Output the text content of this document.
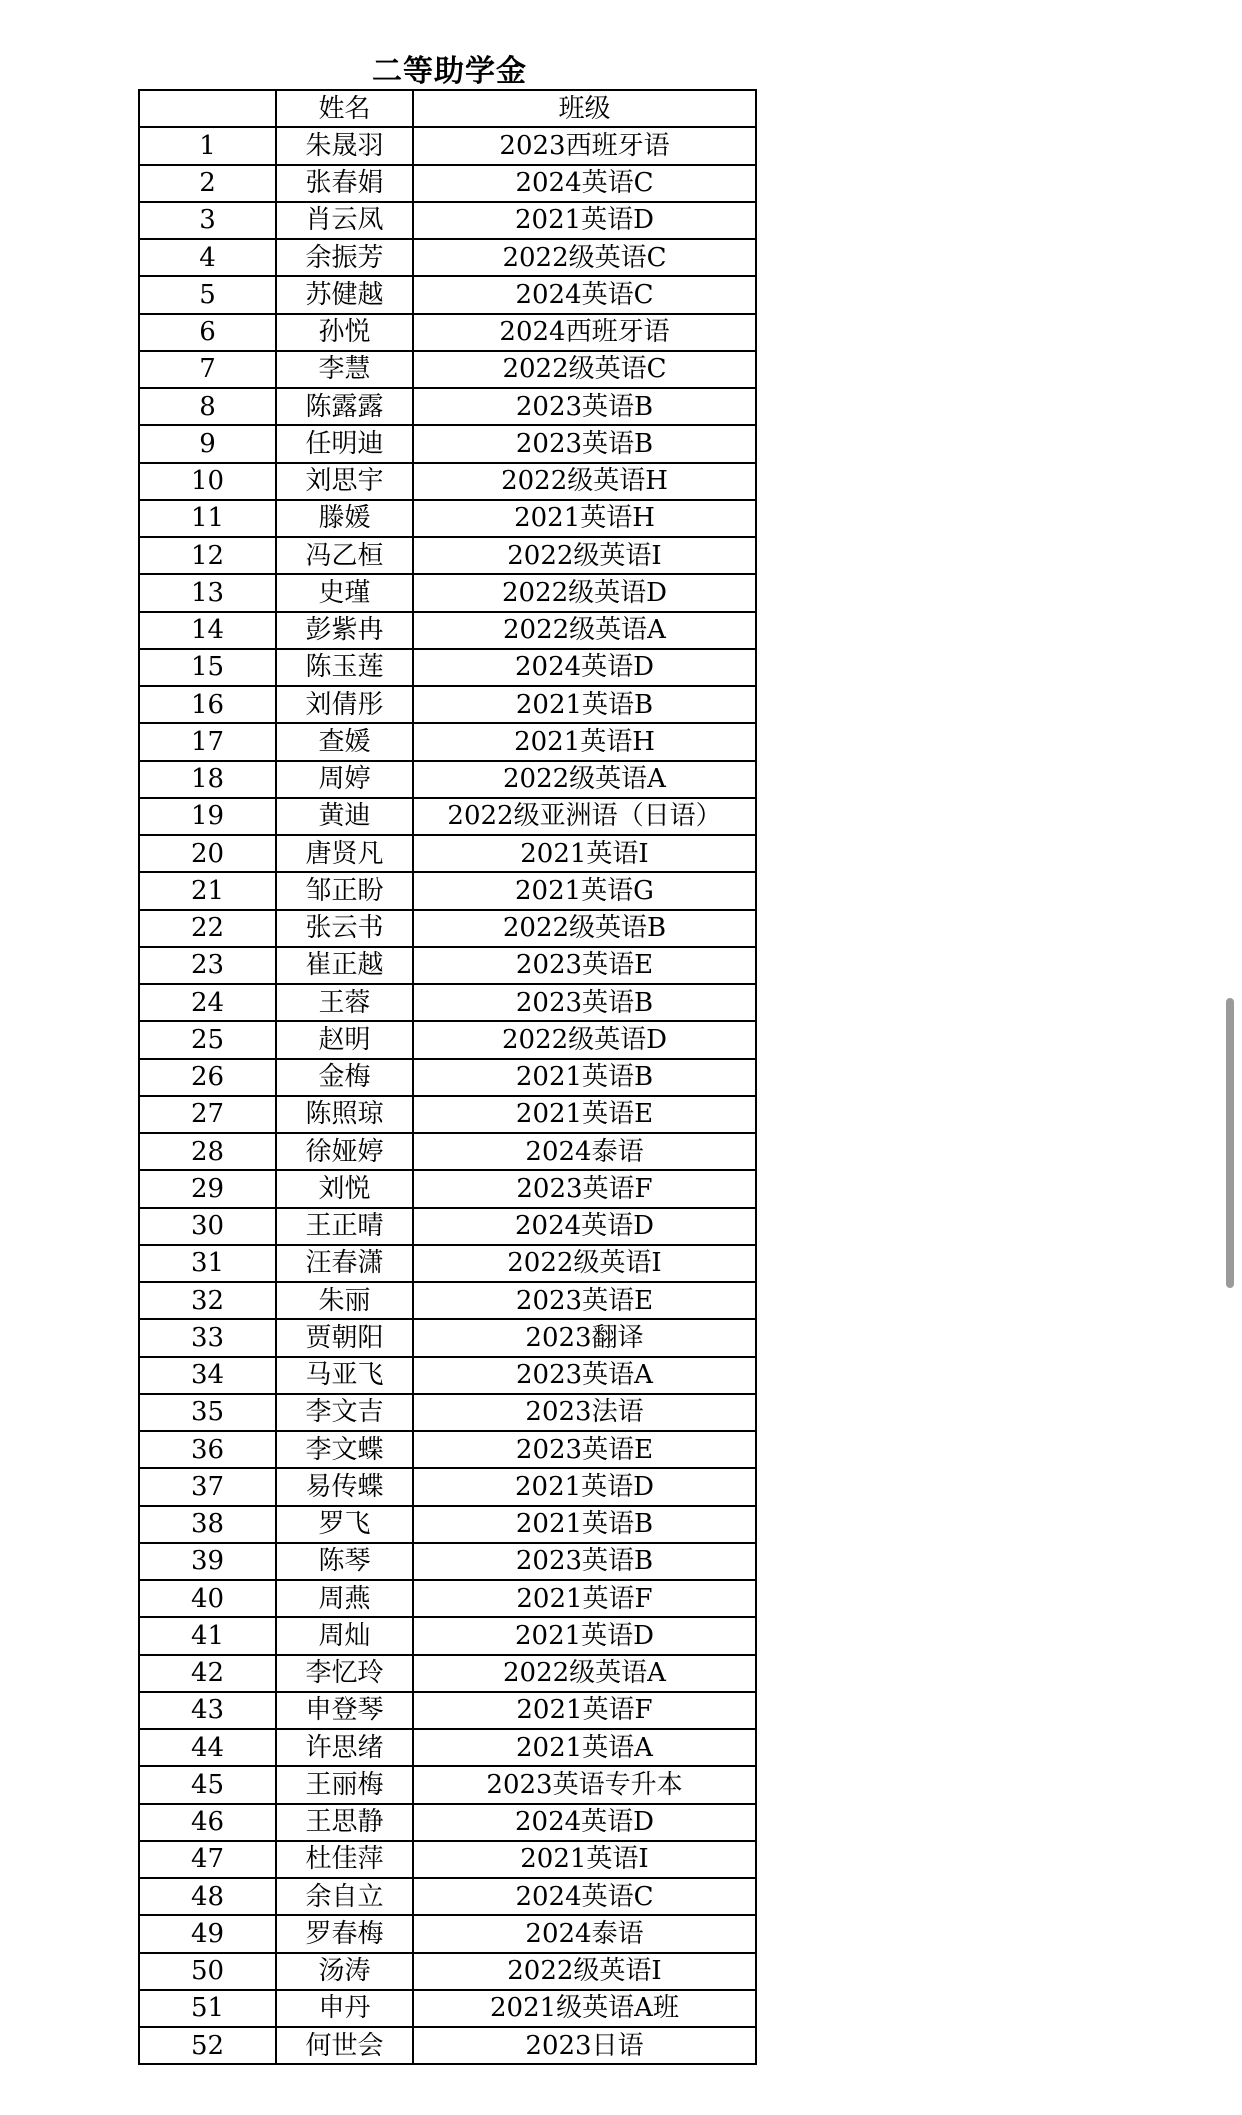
二等助学金
	姓名	班级
1	朱晟羽	2023西班牙语
2	张春娟	2024英语C
3	肖云凤	2021英语D
4	余振芳	2022级英语C
5	苏健越	2024英语C
6	孙悦	2024西班牙语
7	李慧	2022级英语C
8	陈露露	2023英语B
9	任明迪	2023英语B
10	刘思宇	2022级英语H
11	滕媛	2021英语H
12	冯乙桓	2022级英语I
13	史瑾	2022级英语D
14	彭紫冉	2022级英语A
15	陈玉莲	2024英语D
16	刘倩彤	2021英语B
17	查媛	2021英语H
18	周婷	2022级英语A
19	黄迪	2022级亚洲语（日语）
20	唐贤凡	2021英语I
21	邹正盼	2021英语G
22	张云书	2022级英语B
23	崔正越	2023英语E
24	王蓉	2023英语B
25	赵明	2022级英语D
26	金梅	2021英语B
27	陈照琼	2021英语E
28	徐娅婷	2024泰语
29	刘悦	2023英语F
30	王正晴	2024英语D
31	汪春潇	2022级英语I
32	朱丽	2023英语E
33	贾朝阳	2023翻译
34	马亚飞	2023英语A
35	李文吉	2023法语
36	李文蝶	2023英语E
37	易传蝶	2021英语D
38	罗飞	2021英语B
39	陈琴	2023英语B
40	周燕	2021英语F
41	周灿	2021英语D
42	李忆玲	2022级英语A
43	申登琴	2021英语F
44	许思绪	2021英语A
45	王丽梅	2023英语专升本
46	王思静	2024英语D
47	杜佳萍	2021英语I
48	余自立	2024英语C
49	罗春梅	2024泰语
50	汤涛	2022级英语I
51	申丹	2021级英语A班
52	何世会	2023日语
